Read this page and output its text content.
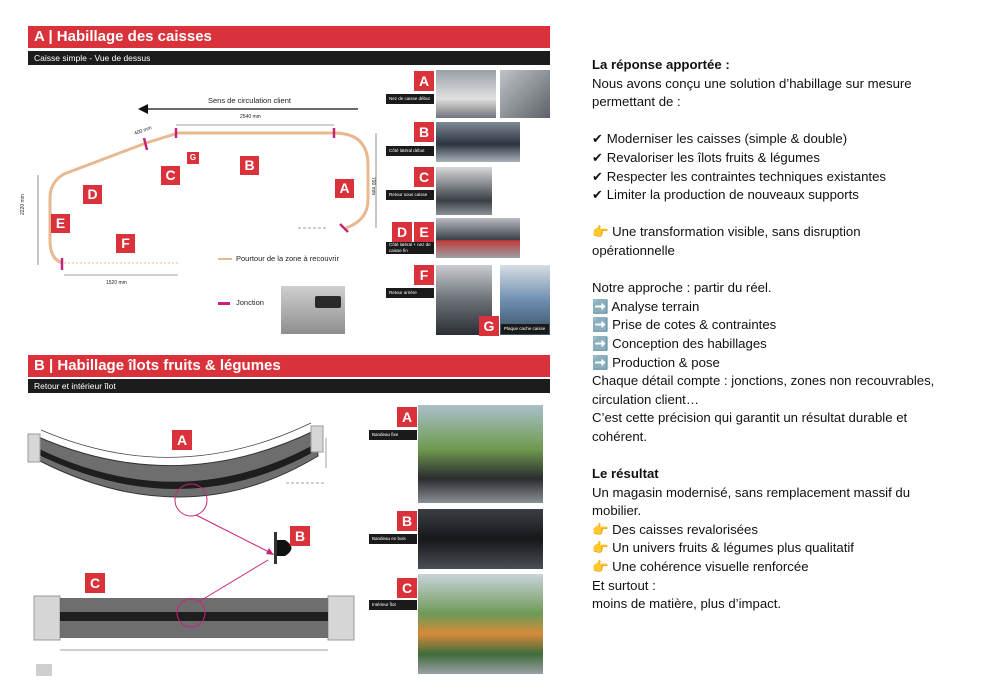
A | Habillage des caisses
Caisse simple - Vue de dessus
Sens de circulation client
2540 mm
400 mm
790 mm
2220 mm
1520 mm
A
B
C
D
E
F
G
Pourtour de la zone à recouvrir
Jonction
A
Nez de caisse début
B
Côté latéral début
C
Retour sous caisse
D E
Côté latéral + nez de caisse fin
F
Retour arrière
G	Plaque cache caisse
B | Habillage îlots fruits & légumes
Retour et intérieur îlot
A
B
C
A
Bandeau fixe
B
Bandeau en bois
C
Intérieur îlot

La réponse apportée :

Nous avons conçu une solution d’habillage sur mesure

permettant de :

✔ Moderniser les caisses (simple & double)

✔ Revaloriser les îlots fruits & légumes

✔ Respecter les contraintes techniques existantes

✔ Limiter la production de nouveaux supports

👉 Une transformation visible, sans disruption

opérationnelle

Notre approche : partir du réel.

➡️ Analyse terrain

➡️ Prise de cotes & contraintes

➡️ Conception des habillages

➡️ Production & pose

Chaque détail compte : jonctions, zones non recouvrables,

circulation client…

C’est cette précision qui garantit un résultat durable et

cohérent.

Le résultat

Un magasin modernisé, sans remplacement massif du

mobilier.

👉 Des caisses revalorisées

👉 Un univers fruits & légumes plus qualitatif

👉 Une cohérence visuelle renforcée

Et surtout :

moins de matière, plus d’impact.
